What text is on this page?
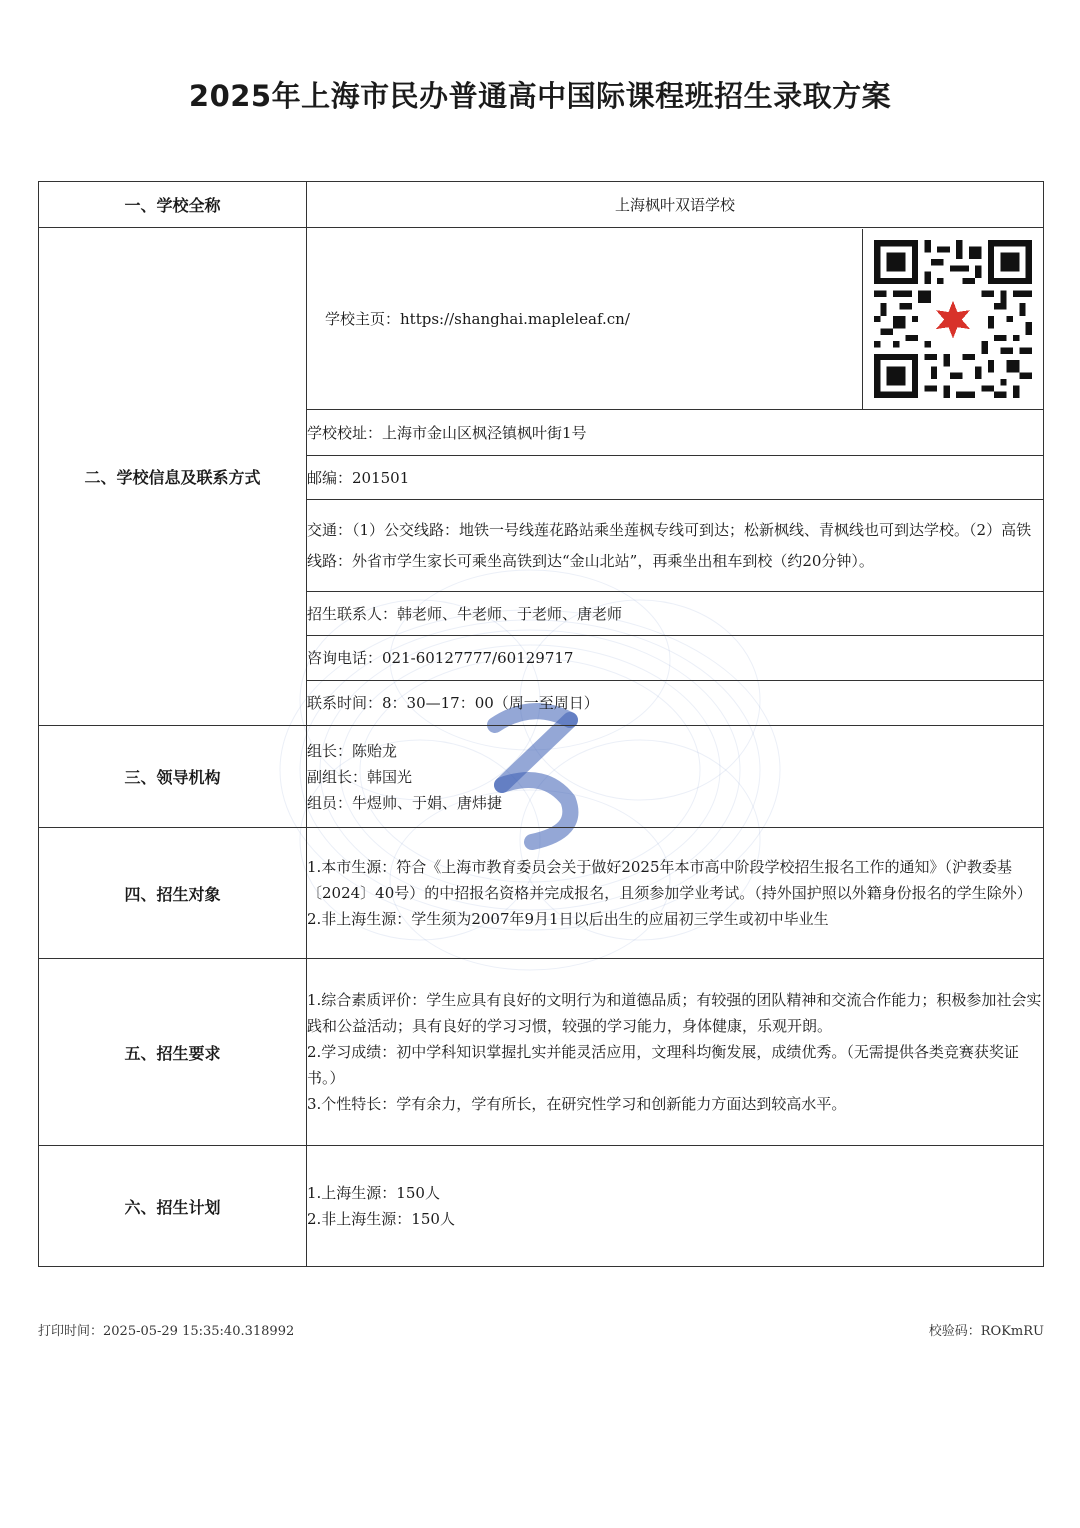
2025年上海市民办普通高中国际课程班招生录取方案
一、学校全称	上海枫叶双语学校
二、学校信息及联系方式	学校主页：https://shanghai.mapleleaf.cn/

	学校校址：上海市金山区枫泾镇枫叶街1号
	邮编：201501
	交通：（1）公交线路：地铁一号线莲花路站乘坐莲枫专线可到达；松新枫线、青枫线也可到达学校。（2）高铁线路：外省市学生家长可乘坐高铁到达“金山北站”，再乘坐出租车到校（约20分钟）。
	招生联系人：韩老师、牛老师、于老师、唐老师
	咨询电话：021-60127777/60129717
	联系时间：8：30—17：00（周一至周日）
三、领导机构	组长：陈贻龙
副组长：韩国光
组员：牛煜帅、于娟、唐炜捷

四、招生对象	1.本市生源：符合《上海市教育委员会关于做好2025年本市高中阶段学校招生报名工作的通知》（沪教委基〔2024〕40号）的中招报名资格并完成报名，且须参加学业考试。（持外国护照以外籍身份报名的学生除外）
2.非上海生源：学生须为2007年9月1日以后出生的应届初三学生或初中毕业生

五、招生要求	1.综合素质评价：学生应具有良好的文明行为和道德品质；有较强的团队精神和交流合作能力；积极参加社会实践和公益活动；具有良好的学习习惯，较强的学习能力，身体健康，乐观开朗。
2.学习成绩：初中学科知识掌握扎实并能灵活应用，文理科均衡发展，成绩优秀。（无需提供各类竞赛获奖证书。）
3.个性特长：学有余力，学有所长，在研究性学习和创新能力方面达到较高水平。

六、招生计划	1.上海生源：150人
2.非上海生源：150人
打印时间：2025-05-29 15:35:40.318992	校验码：ROKmRU
